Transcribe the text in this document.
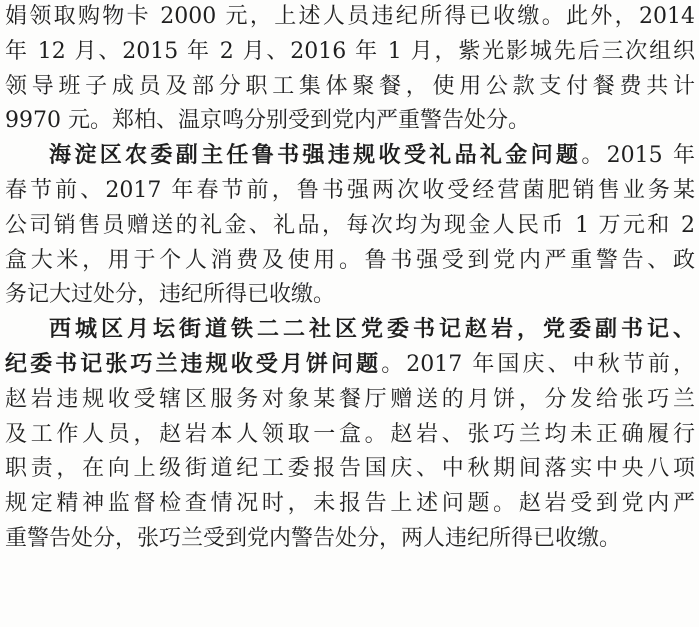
娟领取购物卡 2000 元，上述人员违纪所得已收缴。此外，2014
年 12 月、2015 年 2 月、2016 年 1 月，紫光影城先后三次组织
领导班子成员及部分职工集体聚餐，使用公款支付餐费共计
9970 元。郑柏、温京鸣分别受到党内严重警告处分。
海淀区农委副主任鲁书强违规收受礼品礼金问题。2015 年
春节前、2017 年春节前，鲁书强两次收受经营菌肥销售业务某
公司销售员赠送的礼金、礼品，每次均为现金人民币 1 万元和 2
盒大米，用于个人消费及使用。鲁书强受到党内严重警告、政
务记大过处分，违纪所得已收缴。
西城区月坛街道铁二二社区党委书记赵岩，党委副书记、
纪委书记张巧兰违规收受月饼问题。2017 年国庆、中秋节前，
赵岩违规收受辖区服务对象某餐厅赠送的月饼，分发给张巧兰
及工作人员，赵岩本人领取一盒。赵岩、张巧兰均未正确履行
职责，在向上级街道纪工委报告国庆、中秋期间落实中央八项
规定精神监督检查情况时，未报告上述问题。赵岩受到党内严
重警告处分，张巧兰受到党内警告处分，两人违纪所得已收缴。
